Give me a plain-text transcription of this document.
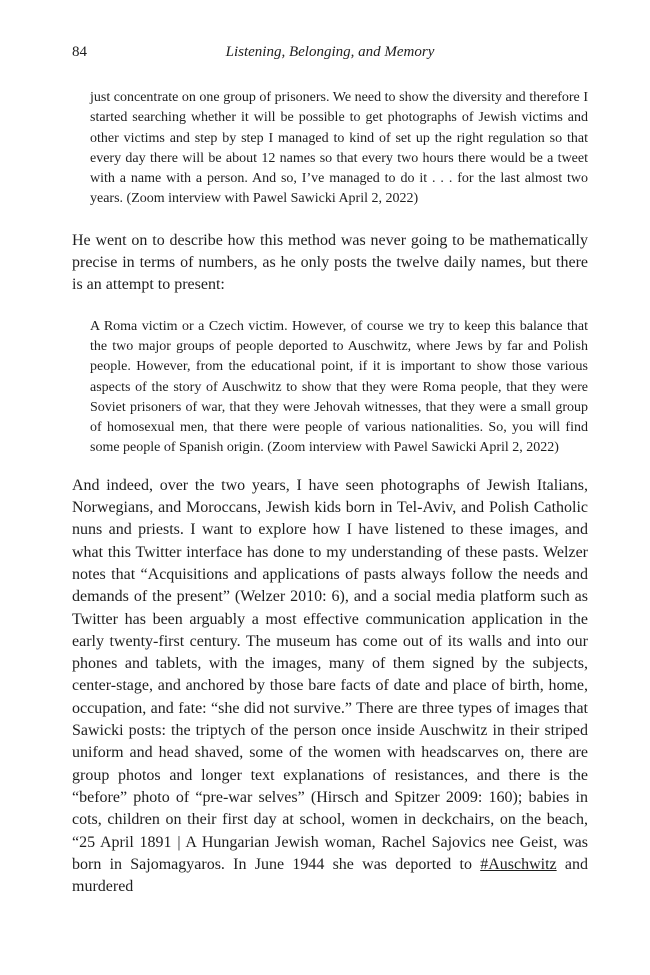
84	Listening, Belonging, and Memory

just concentrate on one group of prisoners. We need to show the diversity and therefore I started searching whether it will be possible to get photographs of Jewish victims and other victims and step by step I managed to kind of set up the right regulation so that every day there will be about 12 names so that every two hours there would be a tweet with a name with a person. And so, I’ve managed to do it . . . for the last almost two years. (Zoom interview with Pawel Sawicki April 2, 2022)

He went on to describe how this method was never going to be mathematically precise in terms of numbers, as he only posts the twelve daily names, but there is an attempt to present:

A Roma victim or a Czech victim. However, of course we try to keep this balance that the two major groups of people deported to Auschwitz, where Jews by far and Polish people. However, from the educational point, if it is important to show those various aspects of the story of Auschwitz to show that they were Roma people, that they were Soviet prisoners of war, that they were Jehovah witnesses, that they were a small group of homosexual men, that there were people of various nationalities. So, you will find some people of Spanish origin. (Zoom interview with Pawel Sawicki April 2, 2022)

And indeed, over the two years, I have seen photographs of Jewish Italians, Norwegians, and Moroccans, Jewish kids born in Tel-Aviv, and Polish Catholic nuns and priests. I want to explore how I have listened to these images, and what this Twitter interface has done to my understanding of these pasts. Welzer notes that “Acquisitions and applications of pasts always follow the needs and demands of the present” (Welzer 2010: 6), and a social media platform such as Twitter has been arguably a most effective communication application in the early twenty-first century. The museum has come out of its walls and into our phones and tablets, with the images, many of them signed by the subjects, center-stage, and anchored by those bare facts of date and place of birth, home, occupation, and fate: “she did not survive.” There are three types of images that Sawicki posts: the triptych of the person once inside Auschwitz in their striped uniform and head shaved, some of the women with headscarves on, there are group photos and longer text explanations of resistances, and there is the “before” photo of “pre-war selves” (Hirsch and Spitzer 2009: 160); babies in cots, children on their first day at school, women in deckchairs, on the beach, “25 April 1891 | A Hungarian Jewish woman, Rachel Sajovics nee Geist, was born in Sajomagyaros. In June 1944 she was deported to #Auschwitz and murdered
